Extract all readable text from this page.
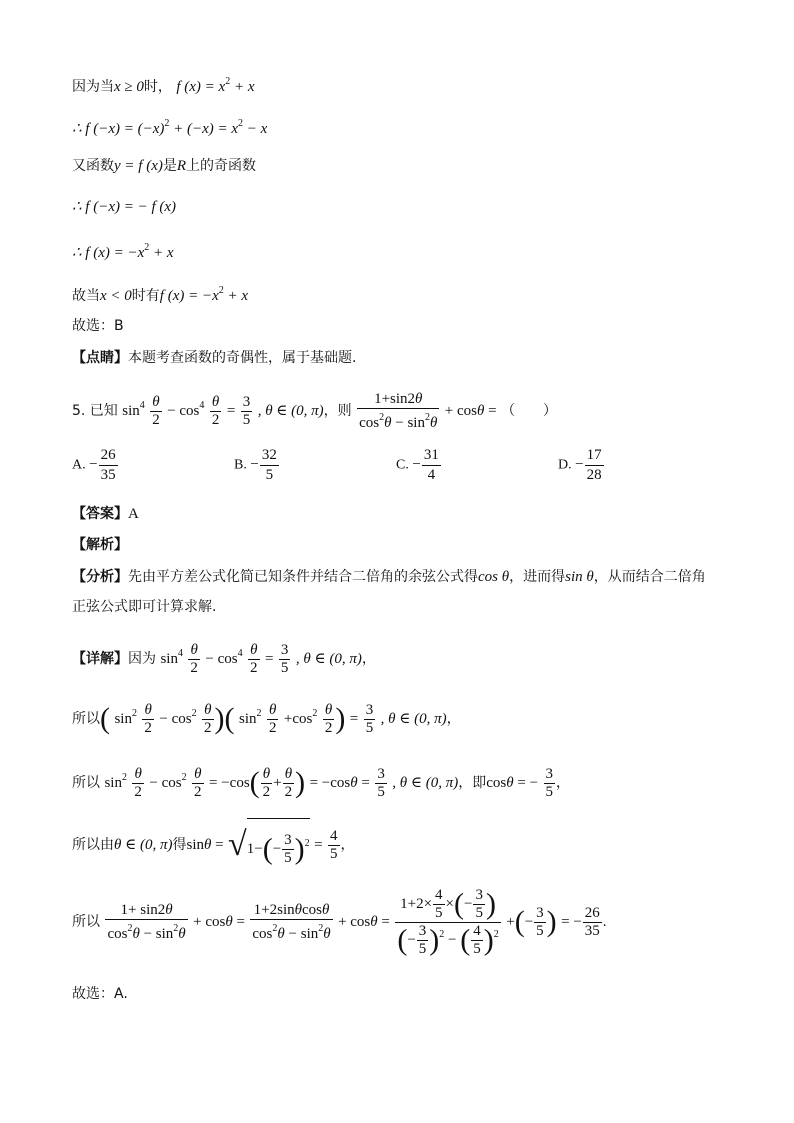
因为当x ≥ 0时， f $(x) = x^2 + x$
∴ f $(-x) = (-x)^2 + (-x) = x^2 - x$
又函数y = f (x)是R上的奇函数
∴ f (−x) = − f (x)
∴ f $(x) = -x^2 + x$
故当x < 0时有f $(x) = -x^2 + x$
故选：B
【点睛】本题考查函数的奇偶性，属于基础题.
5. 已知 $\sin^4 \frac{\theta}{2} - \cos^4 \frac{\theta}{2} = \frac{3}{5}$ , θ ∈ (0, π)，则 $\frac{1+\sin 2\theta}{\cos^2\theta - \sin^2\theta} + \cos\theta$ = （　　）
A. − $\frac{26}{35}$	B. − $\frac{32}{5}$	C. − $\frac{31}{4}$	D. − $\frac{17}{28}$
【答案】A
【解析】
【分析】先由平方差公式化简已知条件并结合二倍角的余弦公式得cos θ，进而得sin θ，从而结合二倍角
正弦公式即可计算求解.
【详解】因为 $\sin^4 \frac{\theta}{2} - \cos^4 \frac{\theta}{2} = \frac{3}{5}$ , θ ∈ (0, π)，
所以( $\sin^2 \frac{\theta}{2} - \cos^2 \frac{\theta}{2}$ )( $\sin^2 \frac{\theta}{2} +\cos^2 \frac{\theta}{2}$ ) = $\frac{3}{5}$ , θ ∈ (0, π)，
所以 $\sin^2 \frac{\theta}{2} - \cos^2 \frac{\theta}{2} = -\cos( \frac{\theta}{2} + \frac{\theta}{2}$ ) = $-\cos\theta = \frac{3}{5}$ , θ ∈ (0, π)，即cosθ = − $\frac{3}{5}$ ，
所以由θ ∈ (0, π)得$\sin\theta = √1-(- \frac{3}{5} )^2 = \frac{4}{5}$ ，
所以 $\frac{1+ \sin 2\theta}{\cos^2\theta - \sin^2\theta} + \cos\theta = \frac{1+2\sin\theta\cos\theta}{\cos^2\theta - \sin^2\theta} + \cos\theta = \frac{1+2\times \frac{4}{5} \times(- \frac{3}{5} )}{(- \frac{3}{5} )^2 - ( \frac{4}{5} )^2}$ +(− $\frac{3}{5}$ ) = − $\frac{26}{35}$ .
故选：A.
